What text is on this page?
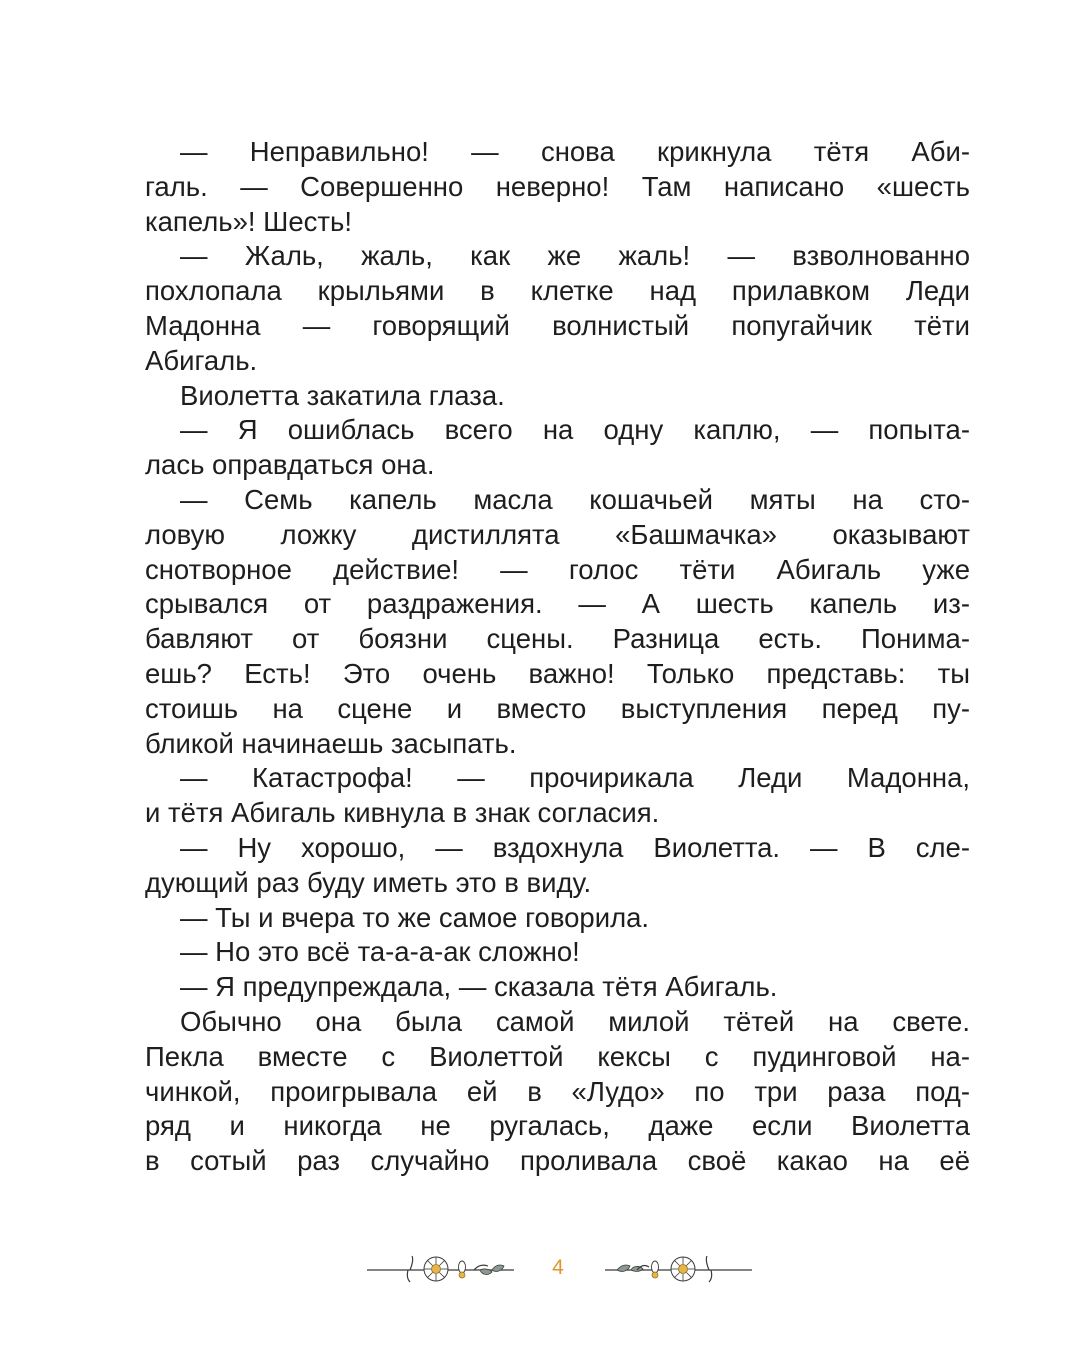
— Неправильно! — снова крикнула тётя Аби-
галь. — Совершенно неверно! Там написано «шесть
капель»! Шесть!
— Жаль, жаль, как же жаль! — взволнованно
похлопала крыльями в клетке над прилавком Леди
Мадонна — говорящий волнистый попугайчик тёти
Абигаль.
Виолетта закатила глаза.
— Я ошиблась всего на одну каплю, — попыта-
лась оправдаться она.
— Семь капель масла кошачьей мяты на сто-
ловую ложку дистиллята «Башмачка» оказывают
снотворное действие! — голос тёти Абигаль уже
срывался от раздражения. — А шесть капель из-
бавляют от боязни сцены. Разница есть. Понима-
ешь? Есть! Это очень важно! Только представь: ты
стоишь на сцене и вместо выступления перед пу-
бликой начинаешь засыпать.
— Катастрофа! — прочирикала Леди Мадонна,
и тётя Абигаль кивнула в знак согласия.
— Ну хорошо, — вздохнула Виолетта. — В сле-
дующий раз буду иметь это в виду.
— Ты и вчера то же самое говорила.
— Но это всё та-а-а-ак сложно!
— Я предупреждала, — сказала тётя Абигаль.
Обычно она была самой милой тётей на свете.
Пекла вместе с Виолеттой кексы с пудинговой на-
чинкой, проигрывала ей в «Лудо» по три раза под-
ряд и никогда не ругалась, даже если Виолетта
в сотый раз случайно проливала своё какао на её
4
